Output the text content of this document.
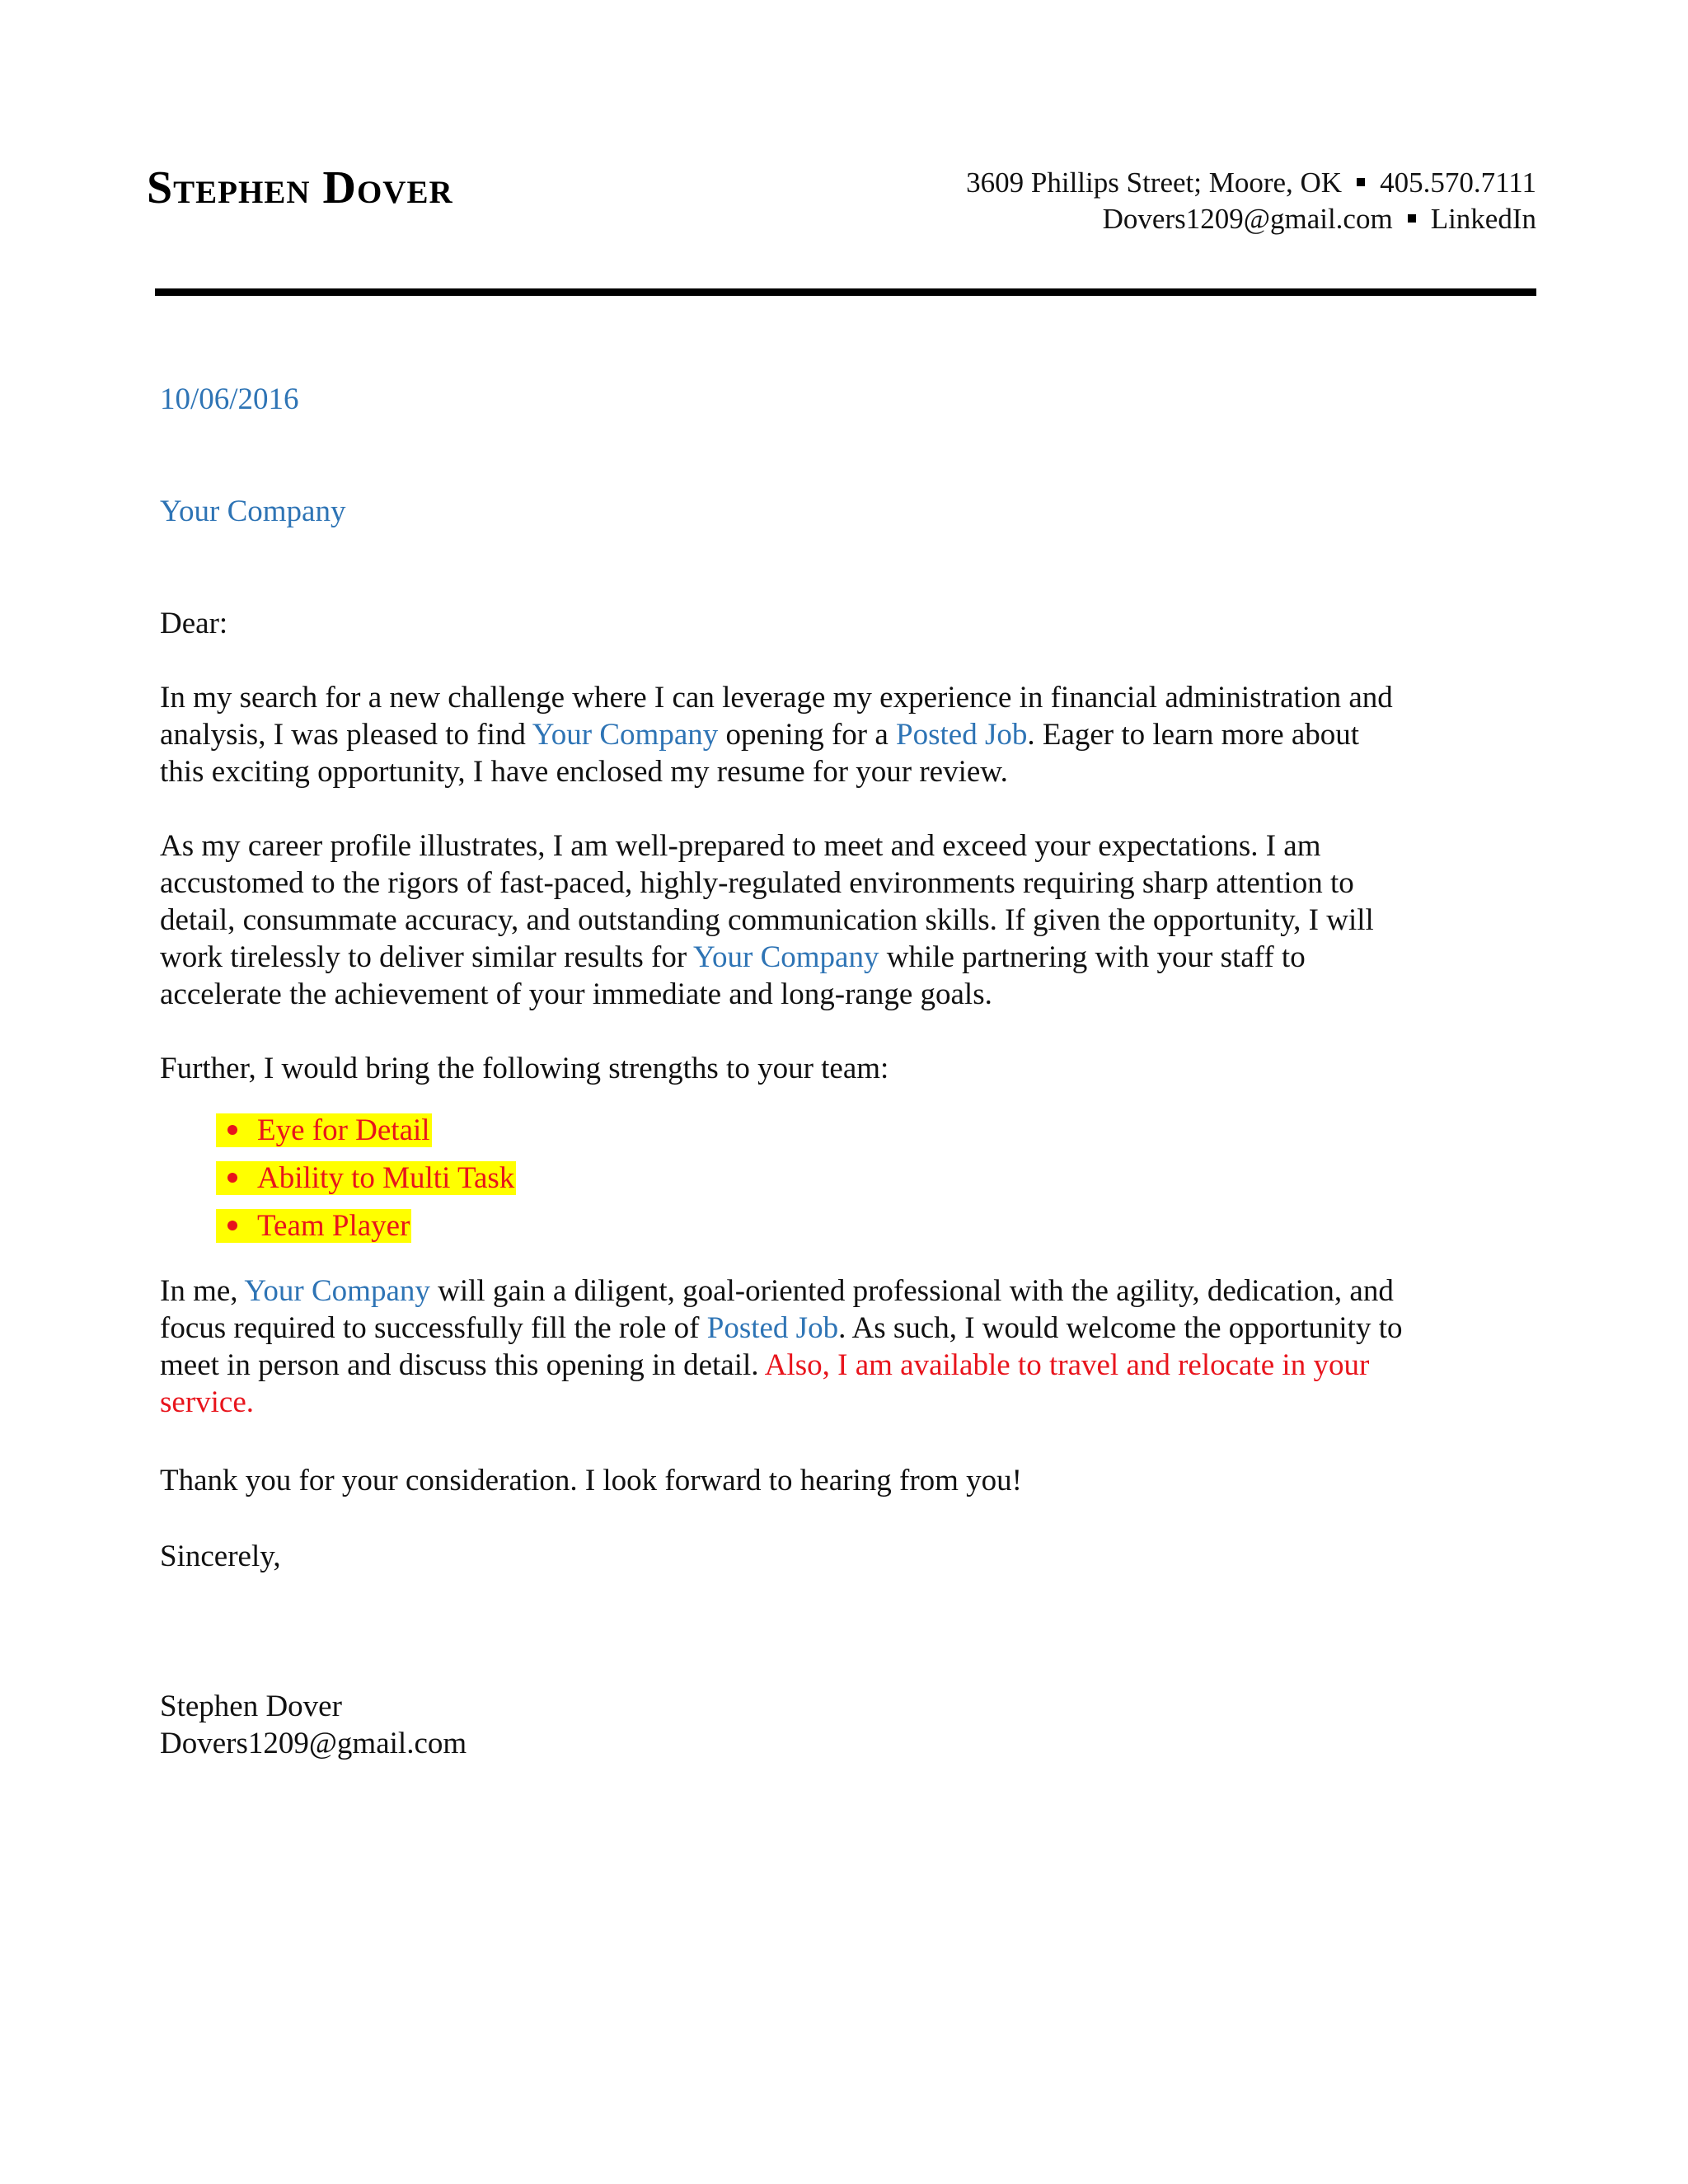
Stephen Dover	3609 Phillips Street; Moore, OK 405.570.7111
Dovers1209@gmail.com LinkedIn
10/06/2016
Your Company
Dear:
In my search for a new challenge where I can leverage my experience in financial administration and
analysis, I was pleased to find Your Company opening for a Posted Job. Eager to learn more about
this exciting opportunity, I have enclosed my resume for your review.
As my career profile illustrates, I am well-prepared to meet and exceed your expectations. I am
accustomed to the rigors of fast-paced, highly-regulated environments requiring sharp attention to
detail, consummate accuracy, and outstanding communication skills. If given the opportunity, I will
work tirelessly to deliver similar results for Your Company while partnering with your staff to
accelerate the achievement of your immediate and long-range goals.
Further, I would bring the following strengths to your team:
Eye for Detail
Ability to Multi Task
Team Player
In me, Your Company will gain a diligent, goal-oriented professional with the agility, dedication, and
focus required to successfully fill the role of Posted Job. As such, I would welcome the opportunity to
meet in person and discuss this opening in detail. Also, I am available to travel and relocate in your
service.
Thank you for your consideration. I look forward to hearing from you!
Sincerely,
Stephen Dover
Dovers1209@gmail.com
